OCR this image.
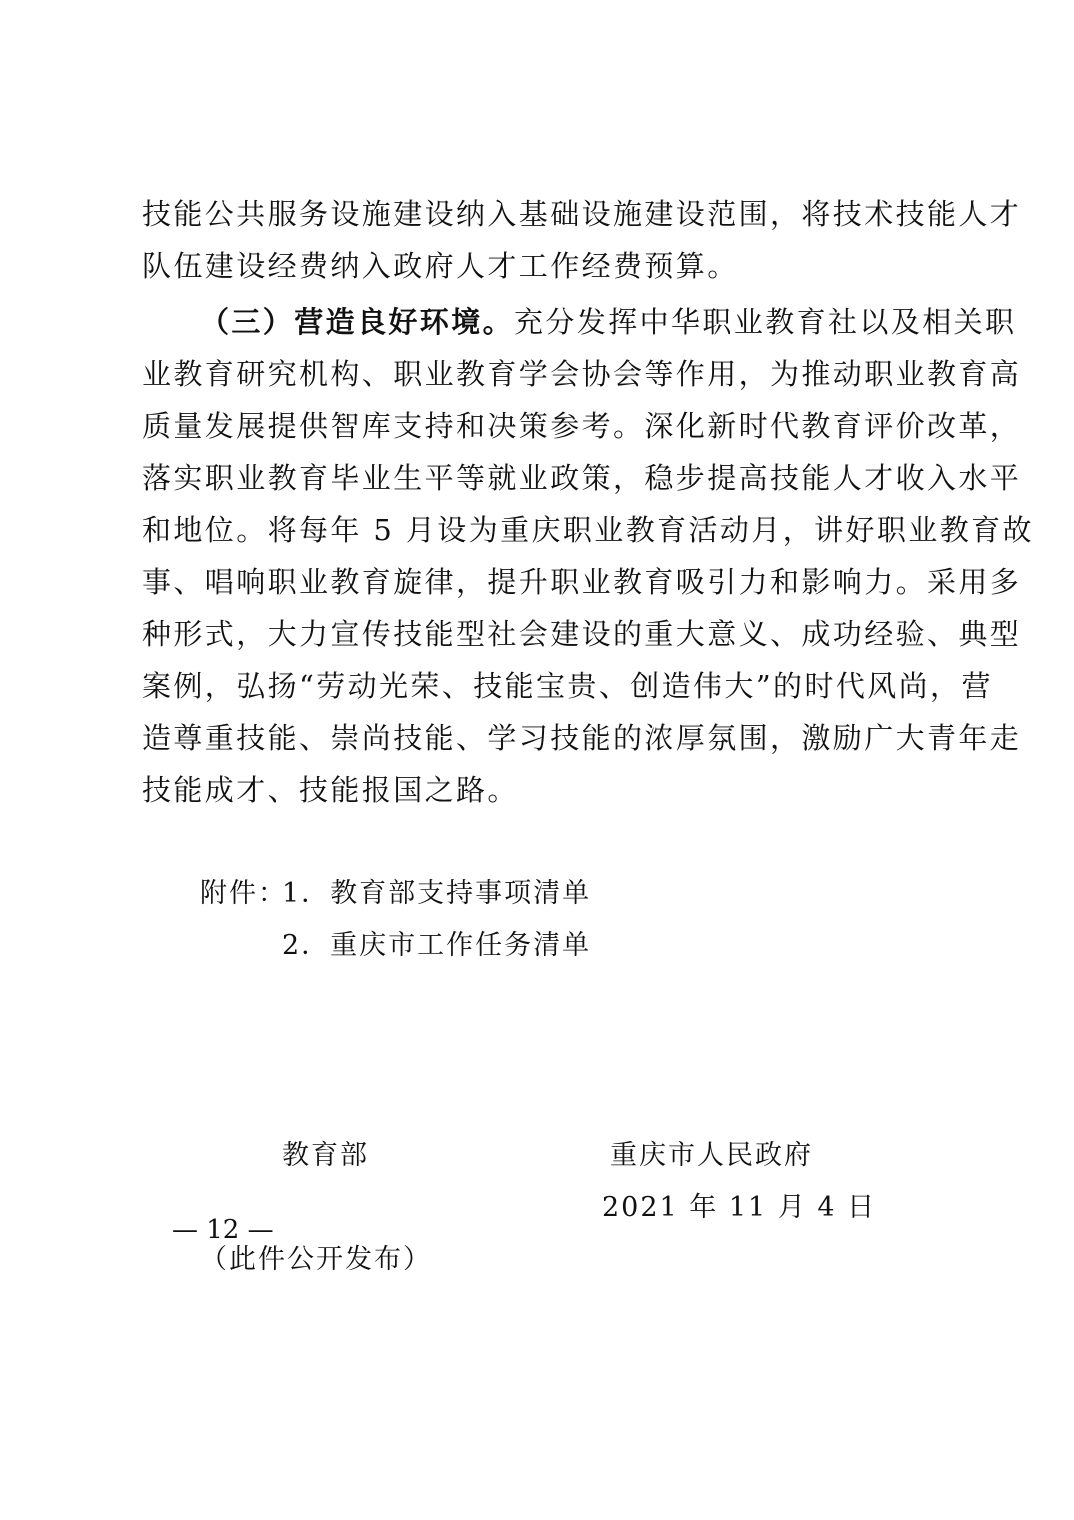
技能公共服务设施建设纳入基础设施建设范围，将技术技能人才
队伍建设经费纳入政府人才工作经费预算。
（三）营造良好环境。充分发挥中华职业教育社以及相关职
业教育研究机构、职业教育学会协会等作用，为推动职业教育高
质量发展提供智库支持和决策参考。深化新时代教育评价改革，
落实职业教育毕业生平等就业政策，稳步提高技能人才收入水平
和地位。将每年 5 月设为重庆职业教育活动月，讲好职业教育故
事、唱响职业教育旋律，提升职业教育吸引力和影响力。采用多
种形式，大力宣传技能型社会建设的重大意义、成功经验、典型
案例，弘扬“劳动光荣、技能宝贵、创造伟大”的时代风尚，营
造尊重技能、崇尚技能、学习技能的浓厚氛围，激励广大青年走
技能成才、技能报国之路。
附件：
1．教育部支持事项清单
2．重庆市工作任务清单
教育部	重庆市人民政府
2021 年 11 月 4 日
（此件公开发布）
— 12 —
